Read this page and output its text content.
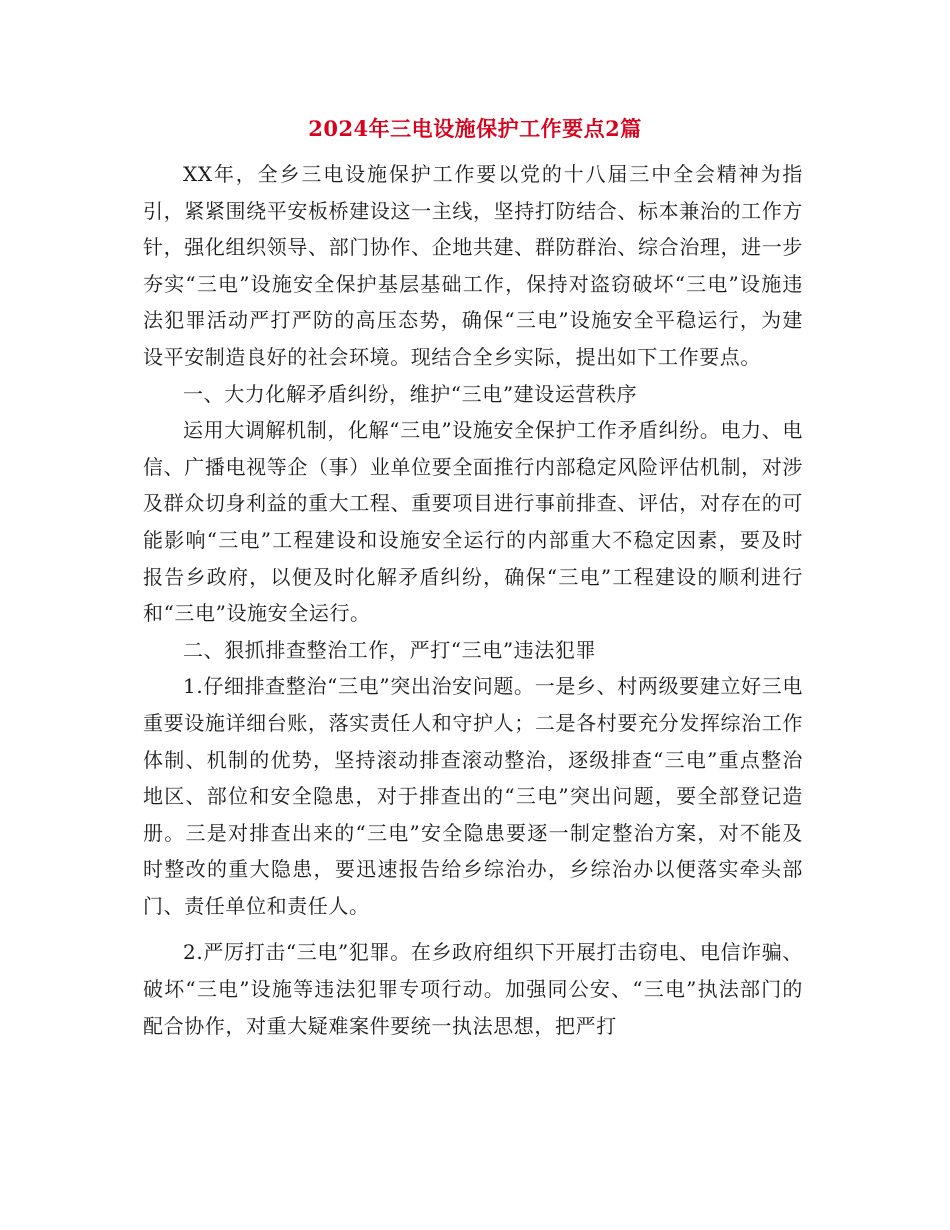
2024年三电设施保护工作要点2篇

XX年，全乡三电设施保护工作要以党的十八届三中全会精神为指引，紧紧围绕平安板桥建设这一主线，坚持打防结合、标本兼治的工作方针，强化组织领导、部门协作、企地共建、群防群治、综合治理，进一步夯实“三电”设施安全保护基层基础工作，保持对盗窃破坏“三电”设施违法犯罪活动严打严防的高压态势，确保“三电”设施安全平稳运行，为建设平安制造良好的社会环境。现结合全乡实际，提出如下工作要点。

一、大力化解矛盾纠纷，维护“三电”建设运营秩序

运用大调解机制，化解“三电”设施安全保护工作矛盾纠纷。电力、电信、广播电视等企（事）业单位要全面推行内部稳定风险评估机制，对涉及群众切身利益的重大工程、重要项目进行事前排查、评估，对存在的可能影响“三电”工程建设和设施安全运行的内部重大不稳定因素，要及时报告乡政府，以便及时化解矛盾纠纷，确保“三电”工程建设的顺利进行和“三电”设施安全运行。

二、狠抓排查整治工作，严打“三电”违法犯罪

1.仔细排查整治“三电”突出治安问题。一是乡、村两级要建立好三电重要设施详细台账，落实责任人和守护人；二是各村要充分发挥综治工作体制、机制的优势，坚持滚动排查滚动整治，逐级排查“三电”重点整治地区、部位和安全隐患，对于排查出的“三电”突出问题，要全部登记造册。三是对排查出来的“三电”安全隐患要逐一制定整治方案，对不能及时整改的重大隐患，要迅速报告给乡综治办，乡综治办以便落实牵头部门、责任单位和责任人。

2.严厉打击“三电”犯罪。在乡政府组织下开展打击窃电、电信诈骗、破坏“三电”设施等违法犯罪专项行动。加强同公安、“三电”执法部门的配合协作，对重大疑难案件要统一执法思想，把严打
